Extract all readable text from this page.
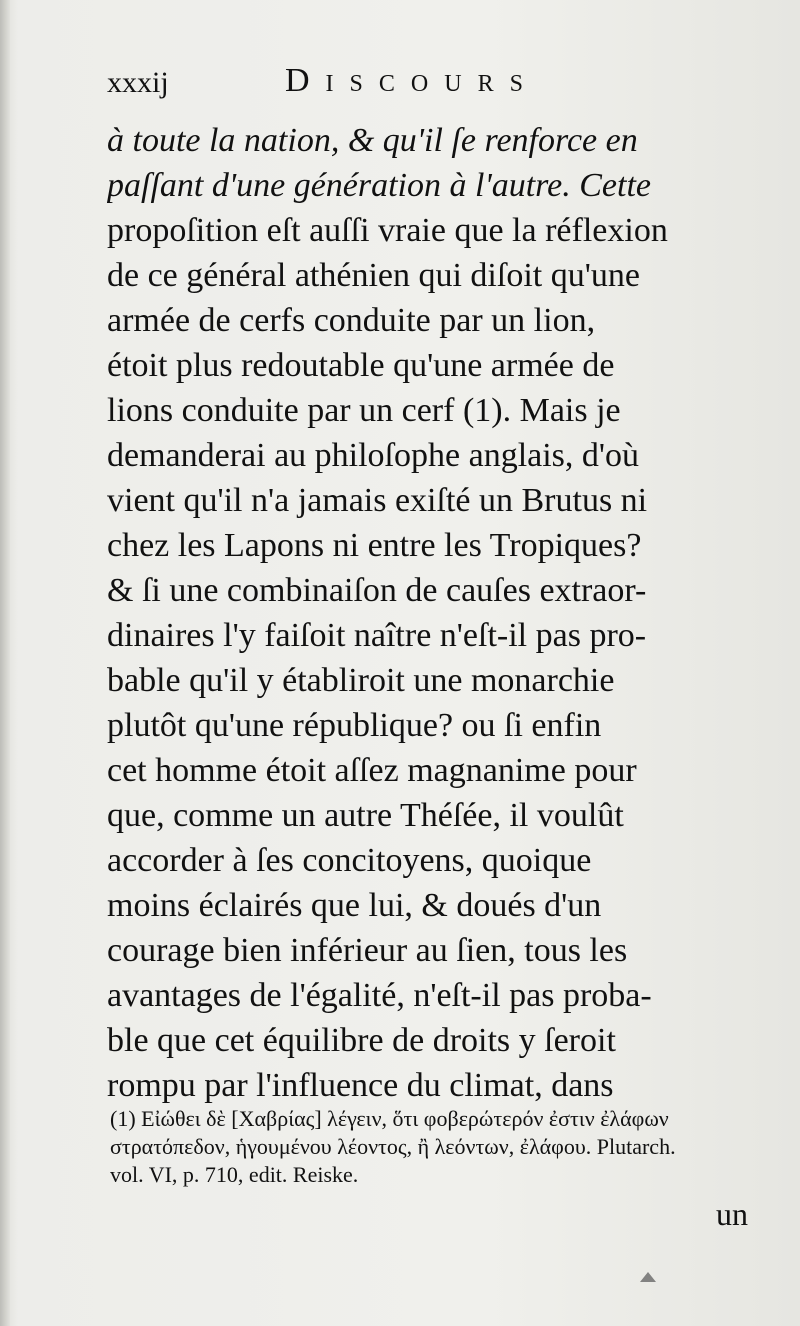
xxxij	Discours
à toute la nation, & qu'il ſe renforce en
paſſant d'une génération à l'autre. Cette
propoſition eſt auſſi vraie que la réflexion
de ce général athénien qui diſoit qu'une
armée de cerfs conduite par un lion,
étoit plus redoutable qu'une armée de
lions conduite par un cerf (1). Mais je
demanderai au philoſophe anglais, d'où
vient qu'il n'a jamais exiſté un Brutus ni
chez les Lapons ni entre les Tropiques?
& ſi une combinaiſon de cauſes extraor-
dinaires l'y faiſoit naître n'eſt-il pas pro-
bable qu'il y établiroit une monarchie
plutôt qu'une république? ou ſi enfin
cet homme étoit aſſez magnanime pour
que, comme un autre Théſée, il voulût
accorder à ſes concitoyens, quoique
moins éclairés que lui, & doués d'un
courage bien inférieur au ſien, tous les
avantages de l'égalité, n'eſt-il pas proba-
ble que cet équilibre de droits y ſeroit
rompu par l'influence du climat, dans
(1) Εἰώθει δὲ [Χαβρίας] λέγειν, ὅτι φοβερώτερόν ἐστιν ἐλάφων
στρατόπεδον, ἡγουμένου λέοντος, ἢ λεόντων, ἐλάφου. Plutarch.
vol. VI, p. 710, edit. Reiske.
un
